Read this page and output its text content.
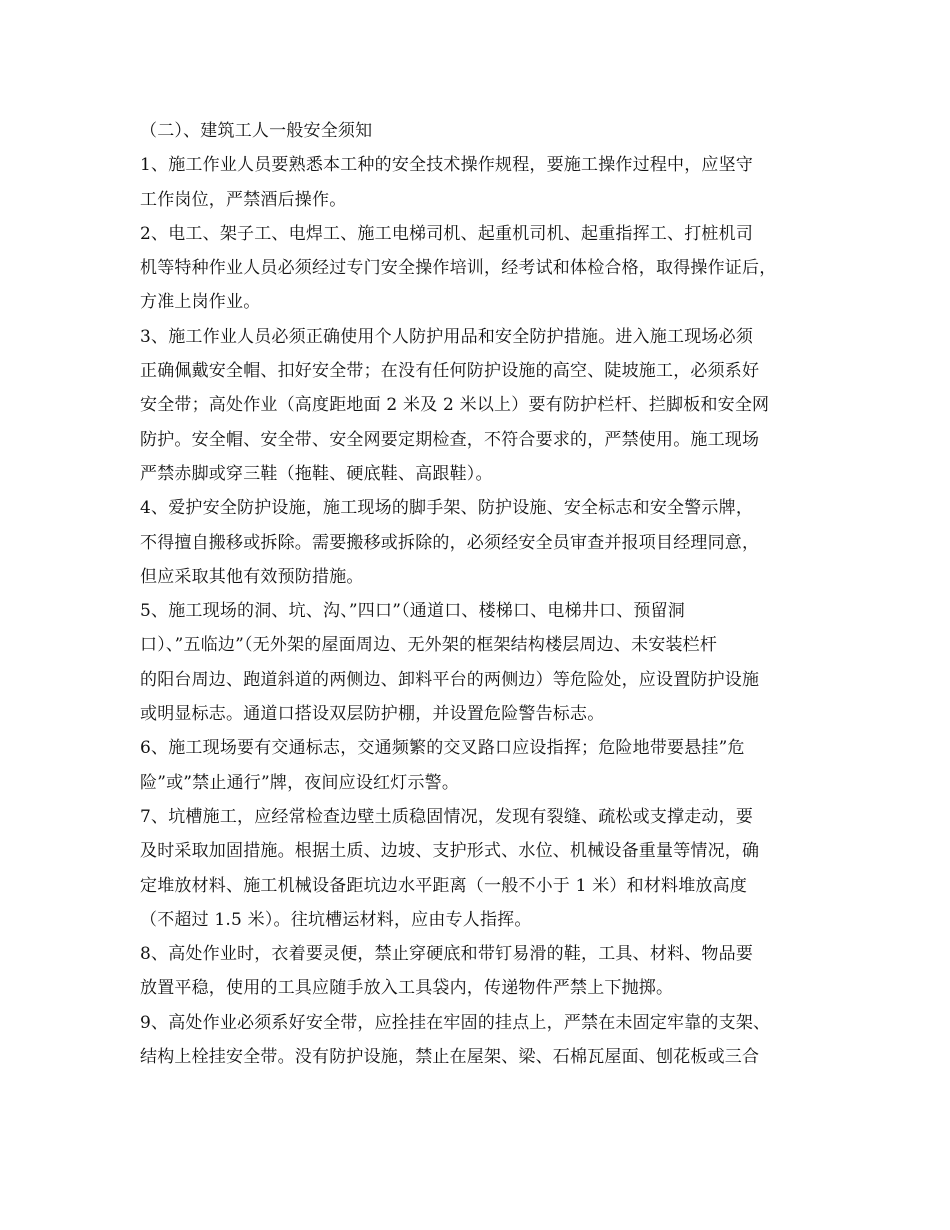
（二）、建筑工人一般安全须知
1、施工作业人员要熟悉本工种的安全技术操作规程，要施工操作过程中，应坚守
工作岗位，严禁酒后操作。
2、电工、架子工、电焊工、施工电梯司机、起重机司机、起重指挥工、打桩机司
机等特种作业人员必须经过专门安全操作培训，经考试和体检合格，取得操作证后，
方准上岗作业。
3、施工作业人员必须正确使用个人防护用品和安全防护措施。进入施工现场必须
正确佩戴安全帽、扣好安全带；在没有任何防护设施的高空、陡坡施工，必须系好
安全带；高处作业（高度距地面 2 米及 2 米以上）要有防护栏杆、拦脚板和安全网
防护。安全帽、安全带、安全网要定期检查，不符合要求的，严禁使用。施工现场
严禁赤脚或穿三鞋（拖鞋、硬底鞋、高跟鞋）。
4、爱护安全防护设施，施工现场的脚手架、防护设施、安全标志和安全警示牌，
不得擅自搬移或拆除。需要搬移或拆除的，必须经安全员审查并报项目经理同意，
但应采取其他有效预防措施。
5、施工现场的洞、坑、沟、”四口”（通道口、楼梯口、电梯井口、预留洞
口）、”五临边”（无外架的屋面周边、无外架的框架结构楼层周边、未安装栏杆
的阳台周边、跑道斜道的两侧边、卸料平台的两侧边）等危险处，应设置防护设施
或明显标志。通道口搭设双层防护棚，并设置危险警告标志。
6、施工现场要有交通标志，交通频繁的交叉路口应设指挥；危险地带要悬挂”危
险”或”禁止通行”牌，夜间应设红灯示警。
7、坑槽施工，应经常检查边壁土质稳固情况，发现有裂缝、疏松或支撑走动，要
及时采取加固措施。根据土质、边坡、支护形式、水位、机械设备重量等情况，确
定堆放材料、施工机械设备距坑边水平距离（一般不小于 1 米）和材料堆放高度
（不超过 1.5 米）。往坑槽运材料，应由专人指挥。
8、高处作业时，衣着要灵便，禁止穿硬底和带钉易滑的鞋，工具、材料、物品要
放置平稳，使用的工具应随手放入工具袋内，传递物件严禁上下抛掷。
9、高处作业必须系好安全带，应拴挂在牢固的挂点上，严禁在未固定牢靠的支架、
结构上栓挂安全带。没有防护设施，禁止在屋架、梁、石棉瓦屋面、刨花板或三合
